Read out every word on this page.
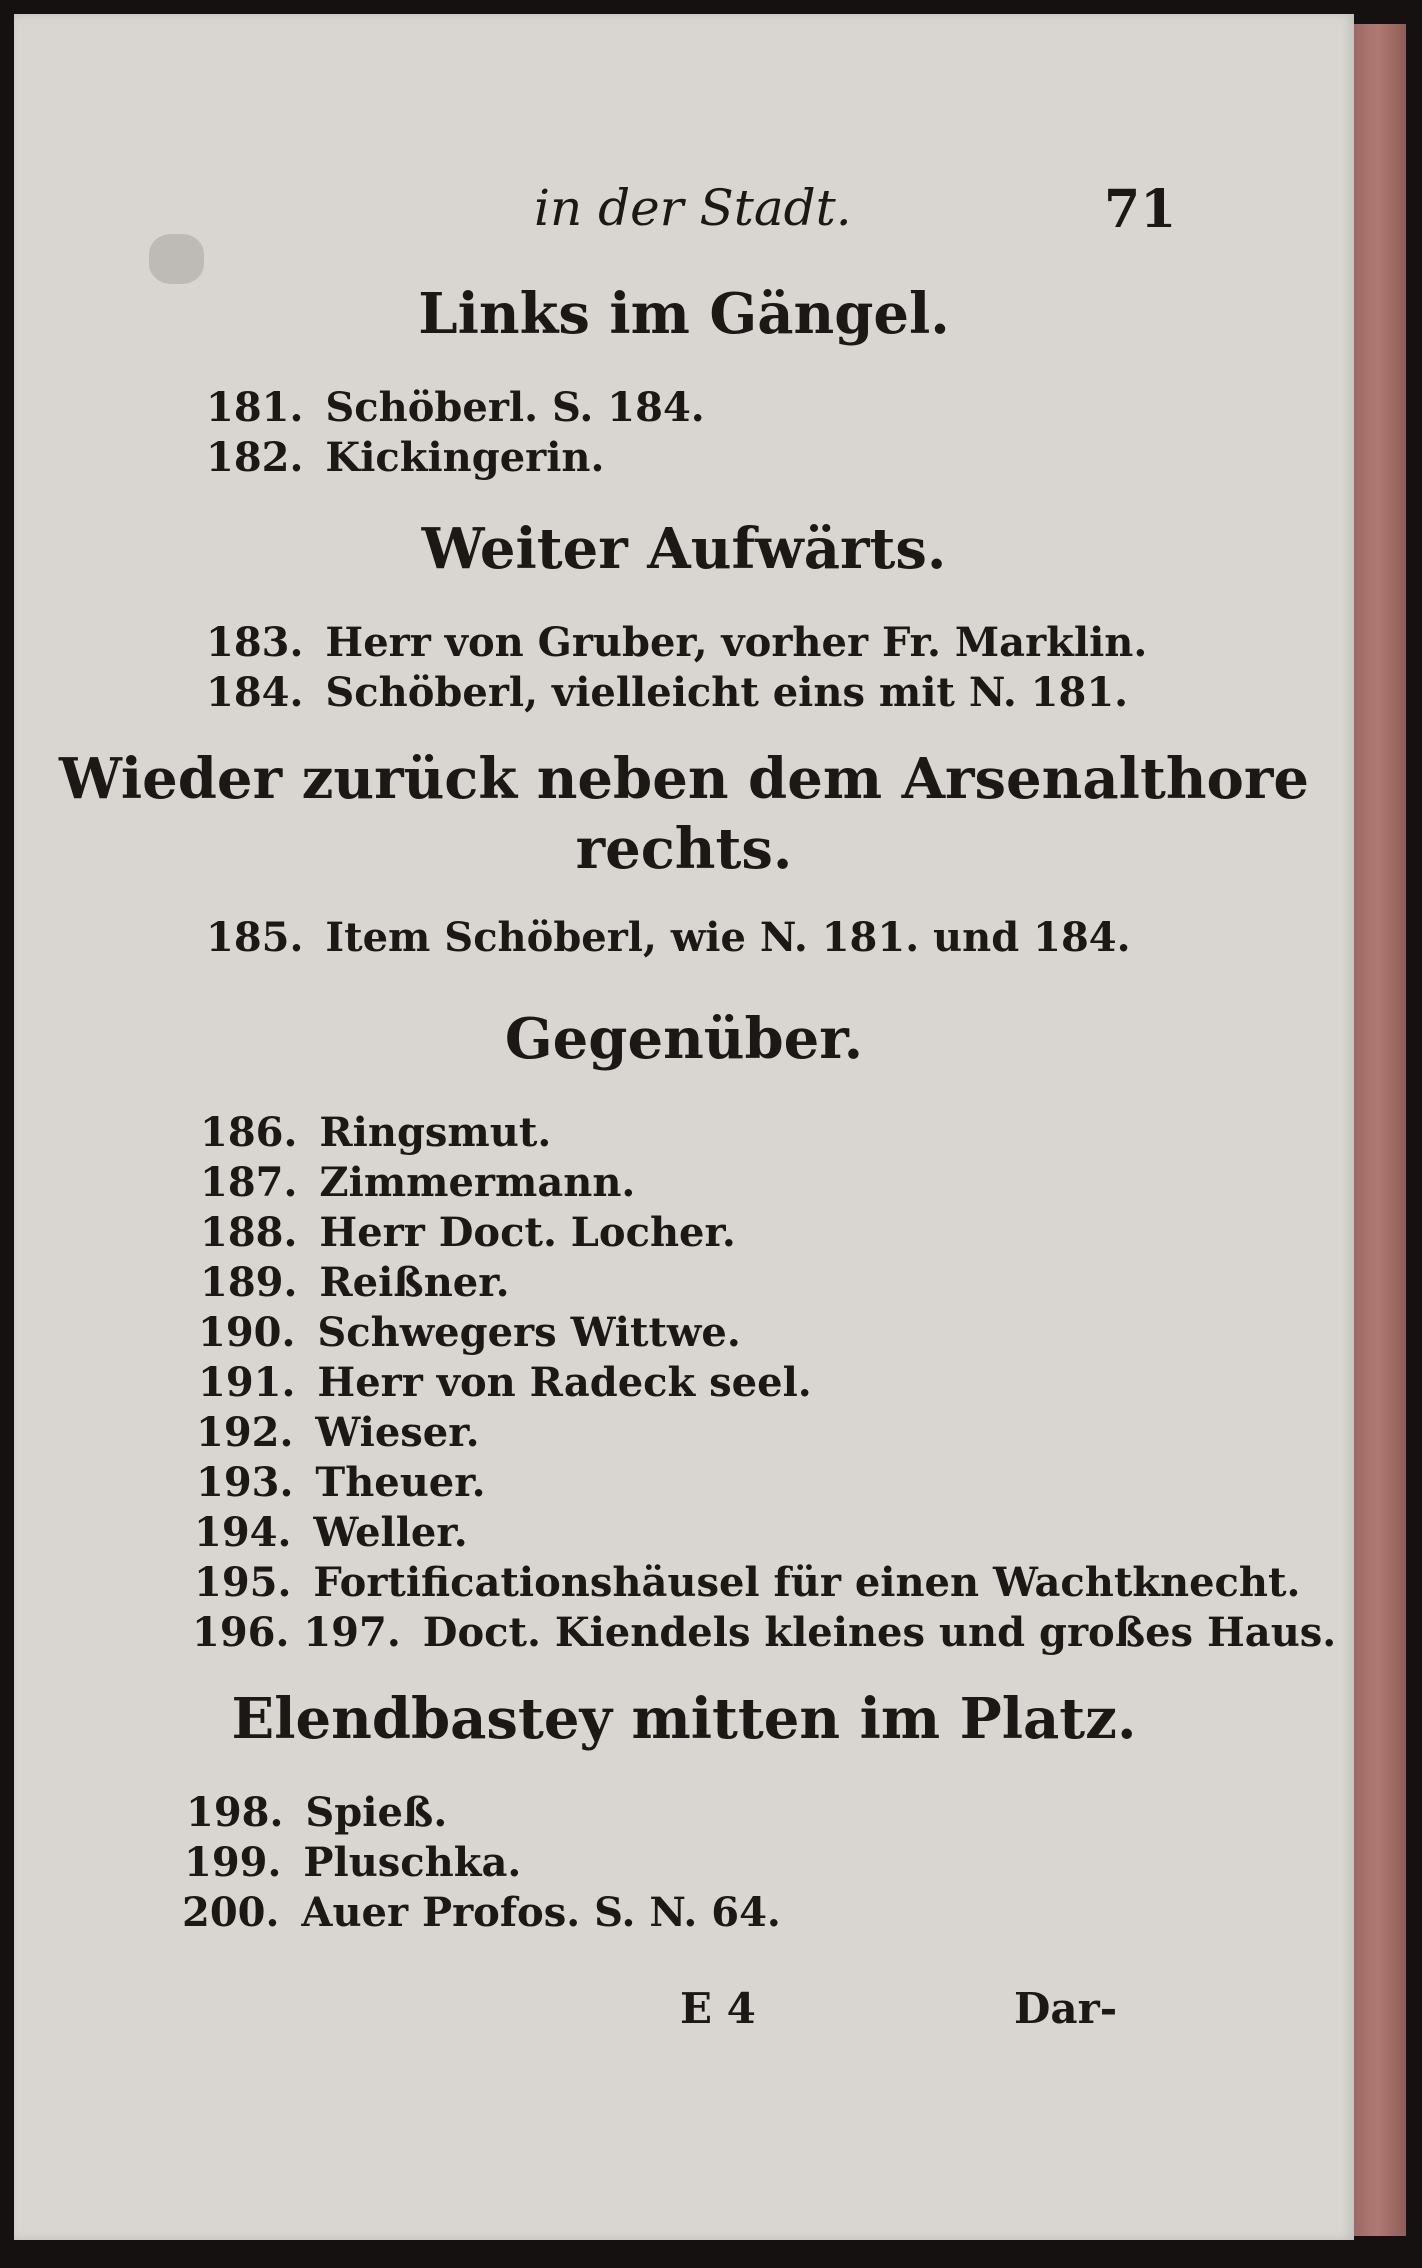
in der Stadt.	71
Links im Gängel.
181. Schöberl. S. 184.
182. Kickingerin.
Weiter Aufwärts.
183. Herr von Gruber, vorher Fr. Marklin.
184. Schöberl, vielleicht eins mit N. 181.
Wieder zurück neben dem Arsenalthore
rechts.
185. Item Schöberl, wie N. 181. und 184.
Gegenüber.
186. Ringsmut.
187. Zimmermann.
188. Herr Doct. Locher.
189. Reißner.
190. Schwegers Wittwe.
191. Herr von Radeck seel.
192. Wieser.
193. Theuer.
194. Weller.
195. Fortificationshäusel für einen Wachtknecht.
196. 197. Doct. Kiendels kleines und großes Haus.
Elendbastey mitten im Platz.
198. Spieß.
199. Pluschka.
200. Auer Profos. S. N. 64.
E 4	Dar-
